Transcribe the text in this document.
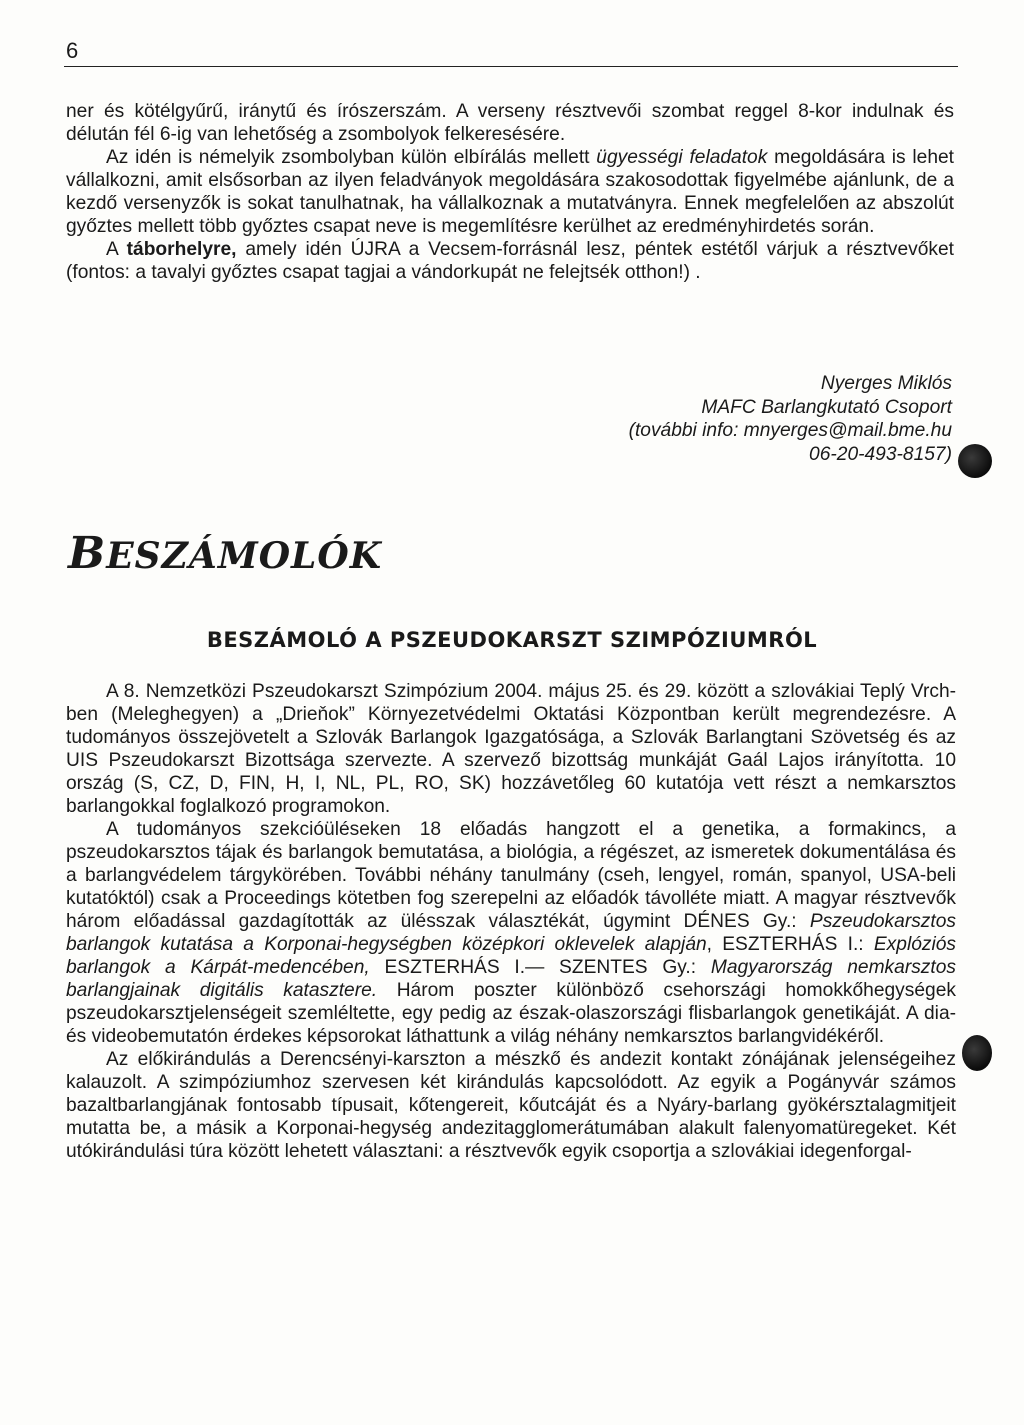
6

ner és kötélgyűrű, iránytű és írószerszám. A verseny résztvevői szombat reggel 8-kor indulnak és délután fél 6-ig van lehetőség a zsombolyok felkeresésére.

Az idén is némelyik zsombolyban külön elbírálás mellett ügyességi feladatok megoldására is lehet vállalkozni, amit elsősorban az ilyen feladványok megoldására szakosodottak figyelmébe ajánlunk, de a kezdő versenyzők is sokat tanulhatnak, ha vállalkoznak a mutatványra. Ennek megfelelően az abszolút győztes mellett több győztes csapat neve is megemlítésre kerülhet az eredményhirdetés során.

A táborhelyre, amely idén ÚJRA a Vecsem-forrásnál lesz, péntek estétől várjuk a résztvevőket (fontos: a tavalyi győztes csapat tagjai a vándorkupát ne felejtsék otthon!) .

Nyerges Miklós
MAFC Barlangkutató Csoport
(további info: mnyerges@mail.bme.hu
06-20-493-8157)
BESZÁMOLÓK
BESZÁMOLÓ A PSZEUDOKARSZT SZIMPÓZIUMRÓL

A 8. Nemzetközi Pszeudokarszt Szimpózium 2004. május 25. és 29. között a szlovákiai Teplý Vrch-ben (Meleghegyen) a „Drieňok” Környezetvédelmi Oktatási Központban került megrendezésre. A tudományos összejövetelt a Szlovák Barlangok Igazgatósága, a Szlovák Barlangtani Szövetség és az UIS Pszeudokarszt Bizottsága szervezte. A szervező bizottság munkáját Gaál Lajos irányította. 10 ország (S, CZ, D, FIN, H, I, NL, PL, RO, SK) hozzávetőleg 60 kutatója vett részt a nemkarsztos barlangokkal foglalkozó programokon.

A tudományos szekcióüléseken 18 előadás hangzott el a genetika, a formakincs, a pszeudokarsztos tájak és barlangok bemutatása, a biológia, a régészet, az ismeretek dokumentálása és a barlangvédelem tárgykörében. További néhány tanulmány (cseh, lengyel, román, spanyol, USA-beli kutatóktól) csak a Proceedings kötetben fog szerepelni az előadók távolléte miatt. A magyar résztvevők három előadással gazdagították az ülésszak választékát, úgymint DÉNES Gy.: Pszeudokarsztos barlangok kutatása a Korponai-hegységben középkori oklevelek alapján, ESZTERHÁS I.: Explóziós barlangok a Kárpát-medencében, ESZTERHÁS I.— SZENTES Gy.: Magyarország nemkarsztos barlangjainak digitális katasztere. Három poszter különböző csehországi homokkőhegységek pszeudokarsztjelenségeit szemléltette, egy pedig az észak-olaszországi flisbarlangok genetikáját. A dia-és videobemutatón érdekes képsorokat láthattunk a világ néhány nemkarsztos barlangvidékéről.

Az előkirándulás a Derencsényi-karszton a mészkő és andezit kontakt zónájának jelenségeihez kalauzolt. A szimpóziumhoz szervesen két kirándulás kapcsolódott. Az egyik a Pogányvár számos bazaltbarlangjának fontosabb típusait, kőtengereit, kőutcáját és a Nyáry-barlang gyökérsztalagmitjeit mutatta be, a másik a Korponai-hegység andezitagglomerátumában alakult falenyomatüregeket. Két utókirándulási túra között lehetett választani: a résztvevők egyik csoportja a szlovákiai idegenforgal-
